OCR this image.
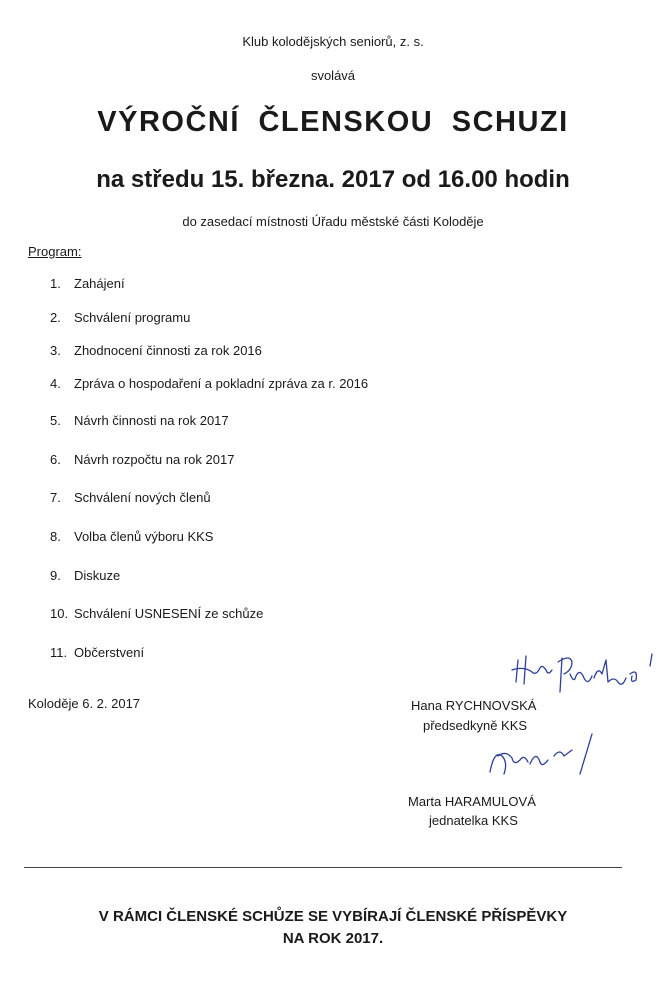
Klub kolodějských seniorů, z. s.
svolává
VÝROČNÍ ČLENSKOU SCHUZI
na středu 15. března. 2017 od 16.00 hodin
do zasedací místnosti Úřadu městské části Koloděje
Program:
1. Zahájení
2. Schválení programu
3. Zhodnocení činnosti za rok 2016
4. Zpráva o hospodaření a pokladní zpráva za r. 2016
5. Návrh činnosti na rok 2017
6. Návrh rozpočtu na rok 2017
7. Schválení nových členů
8. Volba členů výboru KKS
9. Diskuze
10. Schválení USNESENÍ ze schůze
11. Občerstvení
Koloděje 6. 2. 2017	Hana RYCHNOVSKÁ
předsedkyně KKS
Marta HARAMULOVÁ
jednatelka KKS
V RÁMCI ČLENSKÉ SCHŮZE SE VYBÍRAJÍ ČLENSKÉ PŘÍSPĚVKY
NA ROK 2017.
